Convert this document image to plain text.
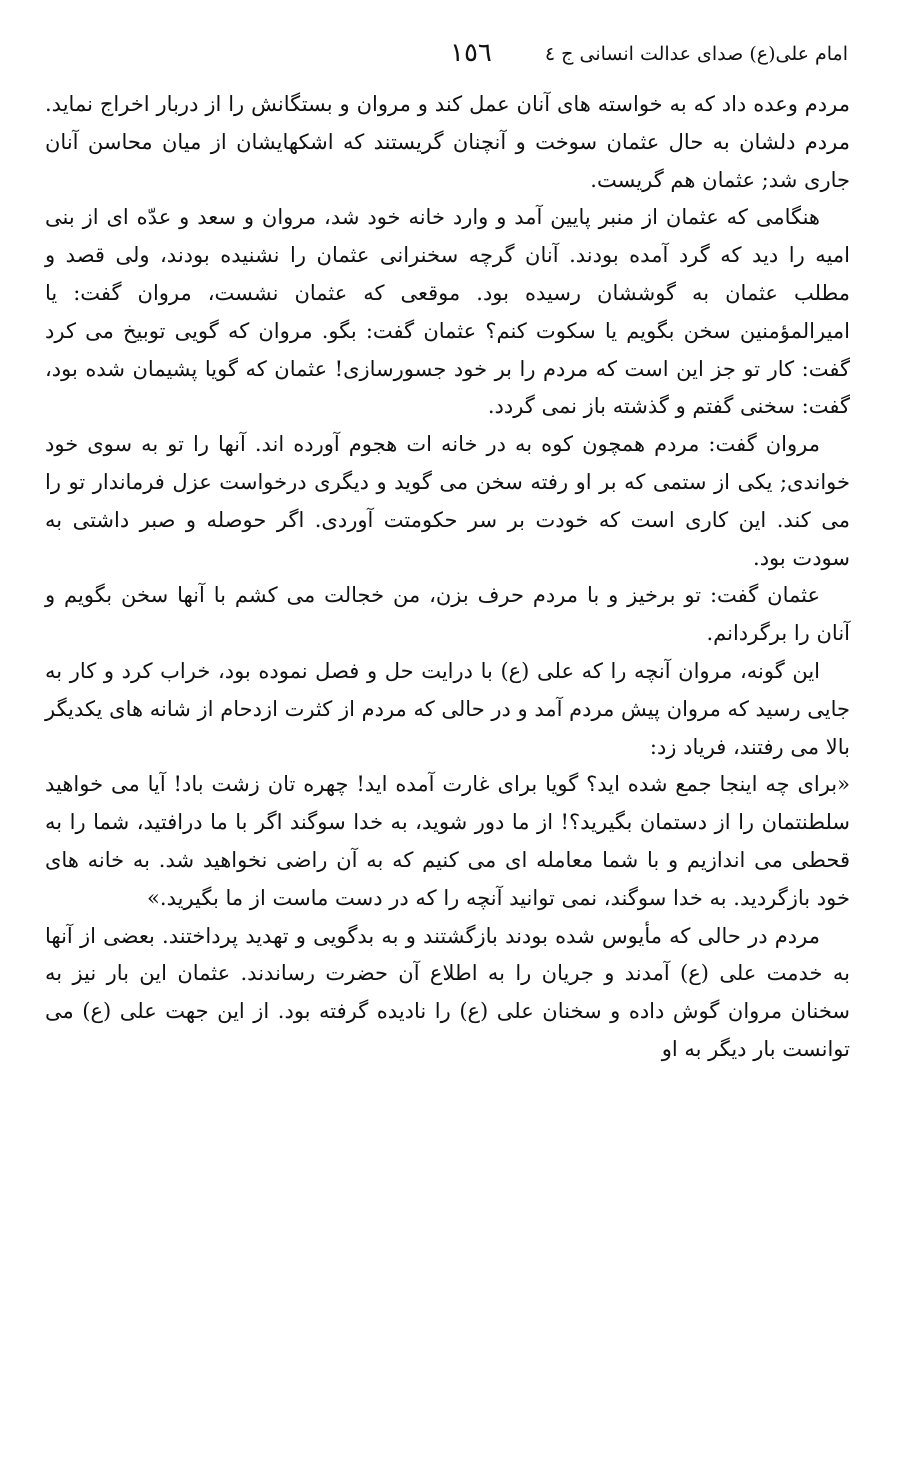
امام علی(ع) صدای عدالت انسانی ج ٤
١٥٦

مردم وعده داد که به خواسته های آنان عمل کند و مروان و بستگانش را از دربار اخراج نماید. مردم دلشان به حال عثمان سوخت و آنچنان گریستند که اشکهایشان از میان محاسن آنان جاری شد; عثمان هم گریست.

هنگامی که عثمان از منبر پایین آمد و وارد خانه خود شد، مروان و سعد و عدّه ای از بنی امیه را دید که گرد آمده بودند. آنان گرچه سخنرانی عثمان را نشنیده بودند، ولی قصد و مطلب عثمان به گوششان رسیده بود. موقعی که عثمان نشست، مروان گفت: یا امیرالمؤمنین سخن بگویم یا سکوت کنم؟ عثمان گفت: بگو. مروان که گویی توبیخ می کرد گفت: کار تو جز این است که مردم را بر خود جسورسازی! عثمان که گویا پشیمان شده بود، گفت: سخنی گفتم و گذشته باز نمی گردد.

مروان گفت: مردم همچون کوه به در خانه ات هجوم آورده اند. آنها را تو به سوی خود خواندی; یکی از ستمی که بر او رفته سخن می گوید و دیگری درخواست عزل فرماندار تو را می کند. این کاری است که خودت بر سر حکومتت آوردی. اگر حوصله و صبر داشتی به سودت بود.

عثمان گفت: تو برخیز و با مردم حرف بزن، من خجالت می کشم با آنها سخن بگویم و آنان را برگردانم.

این گونه، مروان آنچه را که علی (ع) با درایت حل و فصل نموده بود، خراب کرد و کار به جایی رسید که مروان پیش مردم آمد و در حالی که مردم از کثرت ازدحام از شانه های یکدیگر بالا می رفتند، فریاد زد:

«برای چه اینجا جمع شده اید؟ گویا برای غارت آمده اید! چهره تان زشت باد! آیا می خواهید سلطنتمان را از دستمان بگیرید؟! از ما دور شوید، به خدا سوگند اگر با ما درافتید، شما را به قحطی می اندازیم و با شما معامله ای می کنیم که به آن راضی نخواهید شد. به خانه های خود بازگردید. به خدا سوگند، نمی توانید آنچه را که در دست ماست از ما بگیرید.»

مردم در حالی که مأیوس شده بودند بازگشتند و به بدگویی و تهدید پرداختند. بعضی از آنها به خدمت علی (ع) آمدند و جریان را به اطلاع آن حضرت رساندند. عثمان این بار نیز به سخنان مروان گوش داده و سخنان علی (ع) را نادیده گرفته بود. از این جهت علی (ع) می توانست بار دیگر به او
